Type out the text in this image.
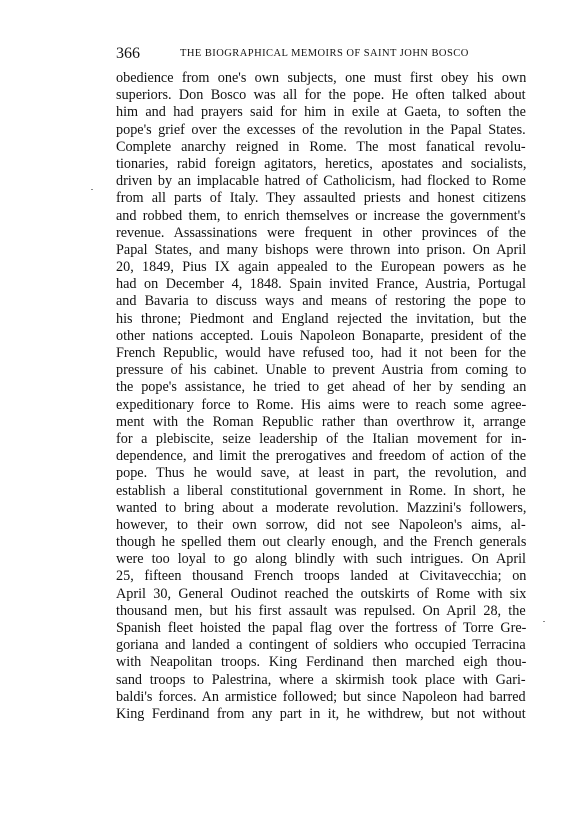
366	THE BIOGRAPHICAL MEMOIRS OF SAINT JOHN BOSCO
obedience from one's own subjects, one must first obey his own
superiors. Don Bosco was all for the pope. He often talked about
him and had prayers said for him in exile at Gaeta, to soften the
pope's grief over the excesses of the revolution in the Papal States.
Complete anarchy reigned in Rome. The most fanatical revolu-
tionaries, rabid foreign agitators, heretics, apostates and socialists,
driven by an implacable hatred of Catholicism, had flocked to Rome
from all parts of Italy. They assaulted priests and honest citizens
and robbed them, to enrich themselves or increase the government's
revenue. Assassinations were frequent in other provinces of the
Papal States, and many bishops were thrown into prison. On April
20, 1849, Pius IX again appealed to the European powers as he
had on December 4, 1848. Spain invited France, Austria, Portugal
and Bavaria to discuss ways and means of restoring the pope to
his throne; Piedmont and England rejected the invitation, but the
other nations accepted. Louis Napoleon Bonaparte, president of the
French Republic, would have refused too, had it not been for the
pressure of his cabinet. Unable to prevent Austria from coming to
the pope's assistance, he tried to get ahead of her by sending an
expeditionary force to Rome. His aims were to reach some agree-
ment with the Roman Republic rather than overthrow it, arrange
for a plebiscite, seize leadership of the Italian movement for in-
dependence, and limit the prerogatives and freedom of action of the
pope. Thus he would save, at least in part, the revolution, and
establish a liberal constitutional government in Rome. In short, he
wanted to bring about a moderate revolution. Mazzini's followers,
however, to their own sorrow, did not see Napoleon's aims, al-
though he spelled them out clearly enough, and the French generals
were too loyal to go along blindly with such intrigues. On April
25, fifteen thousand French troops landed at Civitavecchia; on
April 30, General Oudinot reached the outskirts of Rome with six
thousand men, but his first assault was repulsed. On April 28, the
Spanish fleet hoisted the papal flag over the fortress of Torre Gre-
goriana and landed a contingent of soldiers who occupied Terracina
with Neapolitan troops. King Ferdinand then marched eigh thou-
sand troops to Palestrina, where a skirmish took place with Gari-
baldi's forces. An armistice followed; but since Napoleon had barred
King Ferdinand from any part in it, he withdrew, but not without
